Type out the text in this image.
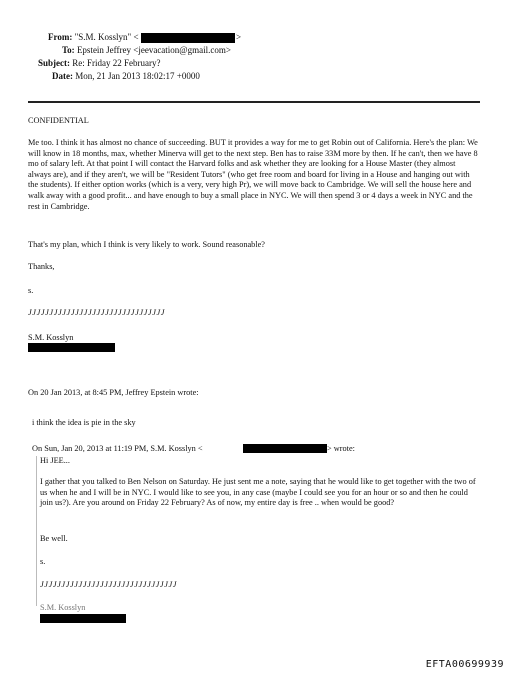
From: "S.M. Kosslyn" <	>
To: Epstein Jeffrey <jeevacation@gmail.com>
Subject: Re: Friday 22 February?
Date: Mon, 21 Jan 2013 18:02:17 +0000
CONFIDENTIAL
Me too. I think it has almost no chance of succeeding. BUT it provides a way for me to get Robin out of California. Here's the plan: We will know in 18 months, max, whether Minerva will get to the next step. Ben has to raise 33M more by then. If he can't, then we have 8 mo of salary left. At that point I will contact the Harvard folks and ask whether they are looking for a House Master (they almost always are), and if they aren't, we will be "Resident Tutors" (who get free room and board for living in a House and hanging out with the students). If either option works (which is a very, very high Pr), we will move back to Cambridge. We will sell the house here and walk away with a good profit... and have enough to buy a small place in NYC. We will then spend 3 or 4 days a week in NYC and the rest in Cambridge.
That's my plan, which I think is very likely to work. Sound reasonable?
Thanks,
s.
JJJJJJJJJJJJJJJJJJJJJJJJJJJJJJJJ
S.M. Kosslyn
On 20 Jan 2013, at 8:45 PM, Jeffrey Epstein wrote:
i think the idea is pie in the sky
On Sun, Jan 20, 2013 at 11:19 PM, S.M. Kosslyn <	> wrote:
Hi JEE...
I gather that you talked to Ben Nelson on Saturday. He just sent me a note, saying that he would like to get together with the two of us when he and I will be in NYC. I would like to see you, in any case (maybe I could see you for an hour or so and then he could join us?). Are you around on Friday 22 February? As of now, my entire day is free .. when would be good?
Be well.
s.
JJJJJJJJJJJJJJJJJJJJJJJJJJJJJJJJ
S.M. Kosslyn
EFTA00699939
